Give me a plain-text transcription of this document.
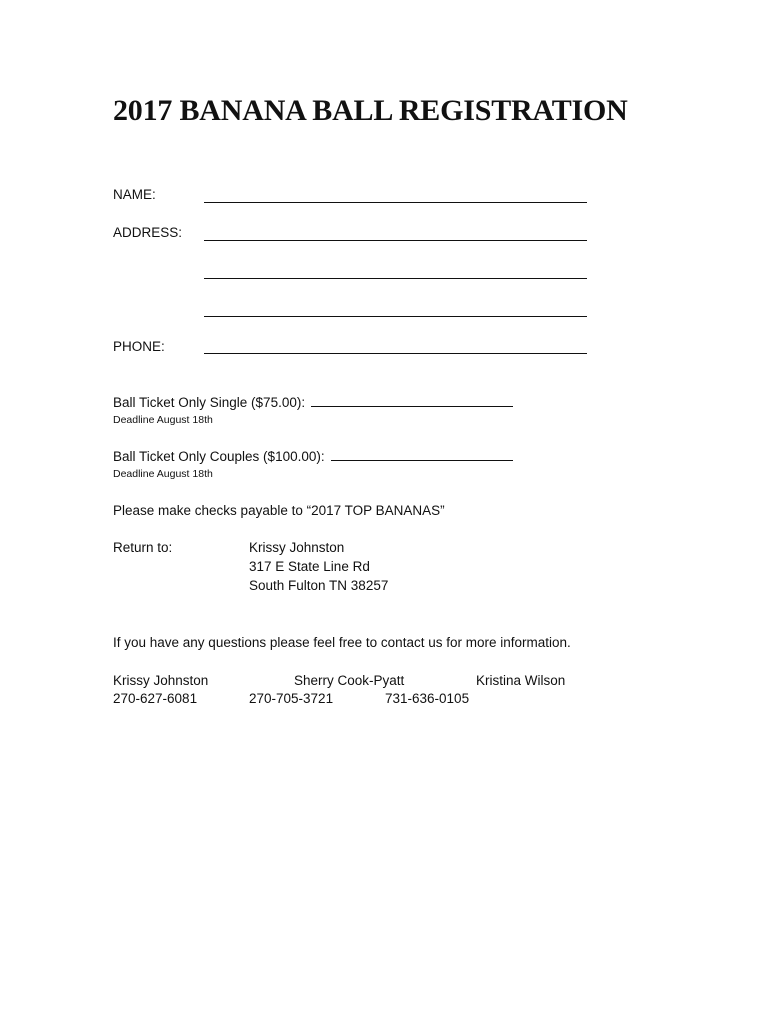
2017 BANANA BALL REGISTRATION
NAME:
ADDRESS:
PHONE:
Ball Ticket Only Single ($75.00):
Deadline August 18th
Ball Ticket Only Couples ($100.00):
Deadline August 18th
Please make checks payable to “2017 TOP BANANAS”
Return to:	Krissy Johnston
317 E State Line Rd
South Fulton TN 38257
If you have any questions please feel free to contact us for more information.
Krissy Johnston	Sherry Cook-Pyatt	Kristina Wilson
270-627-6081	270-705-3721	731-636-0105
